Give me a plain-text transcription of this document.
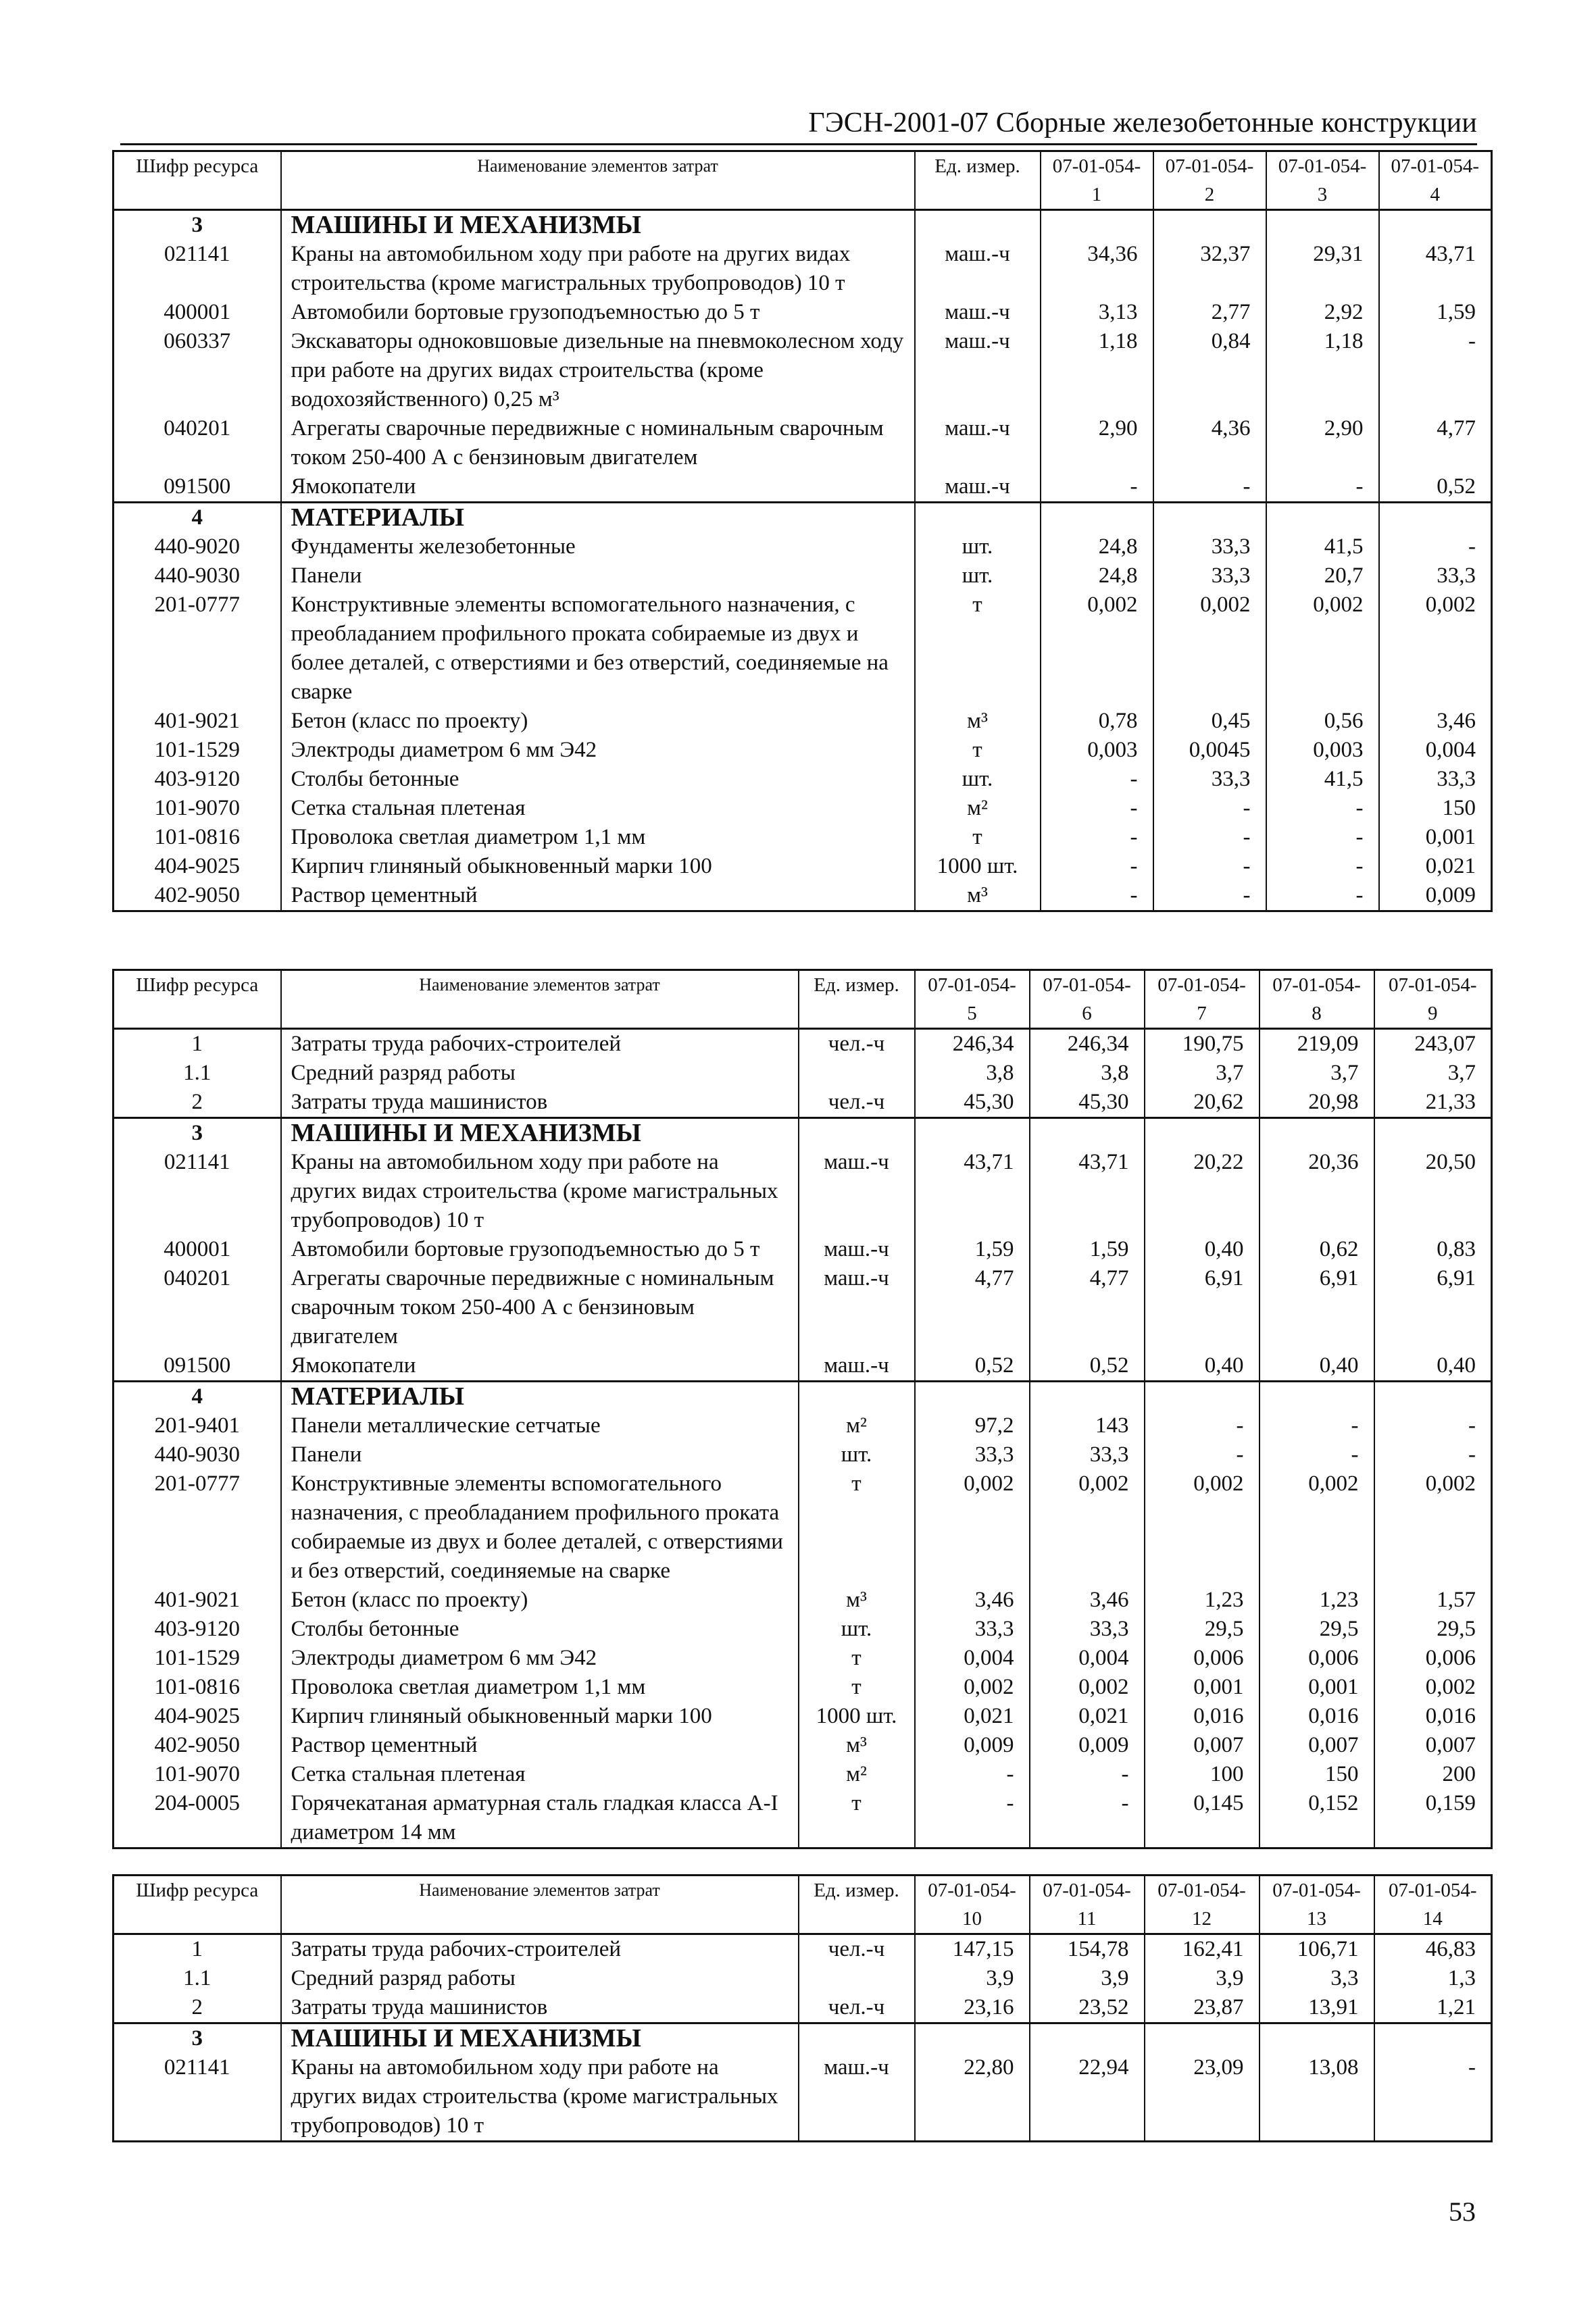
ГЭСН-2001-07 Сборные железобетонные конструкции
Шифр ресурса	Наименование элементов затрат	Ед. измер.	07-01-054-1	07-01-054-2	07-01-054-3	07-01-054-4
3	МАШИНЫ И МЕХАНИЗМЫ					
021141	Краны на автомобильном ходу при работе на других видах строительства (кроме магистральных трубопроводов) 10 т	маш.-ч	34,36	32,37	29,31	43,71
400001	Автомобили бортовые грузоподъемностью до 5 т	маш.-ч	3,13	2,77	2,92	1,59
060337	Экскаваторы одноковшовые дизельные на пневмоколесном ходу при работе на других видах строительства (кроме водохозяйственного) 0,25 м³	маш.-ч	1,18	0,84	1,18	-
040201	Агрегаты сварочные передвижные с номинальным сварочным током 250-400 А с бензиновым двигателем	маш.-ч	2,90	4,36	2,90	4,77
091500	Ямокопатели	маш.-ч	-	-	-	0,52
4	МАТЕРИАЛЫ					
440-9020	Фундаменты железобетонные	шт.	24,8	33,3	41,5	-
440-9030	Панели	шт.	24,8	33,3	20,7	33,3
201-0777	Конструктивные элементы вспомогательного назначения, с преобладанием профильного проката собираемые из двух и более деталей, с отверстиями и без отверстий, соединяемые на сварке	т	0,002	0,002	0,002	0,002
401-9021	Бетон (класс по проекту)	м³	0,78	0,45	0,56	3,46
101-1529	Электроды диаметром 6 мм Э42	т	0,003	0,0045	0,003	0,004
403-9120	Столбы бетонные	шт.	-	33,3	41,5	33,3
101-9070	Сетка стальная плетеная	м²	-	-	-	150
101-0816	Проволока светлая диаметром 1,1 мм	т	-	-	-	0,001
404-9025	Кирпич глиняный обыкновенный марки 100	1000 шт.	-	-	-	0,021
402-9050	Раствор цементный	м³	-	-	-	0,009
Шифр ресурса	Наименование элементов затрат	Ед. измер.	07-01-054-5	07-01-054-6	07-01-054-7	07-01-054-8	07-01-054-9
1	Затраты труда рабочих-строителей	чел.-ч	246,34	246,34	190,75	219,09	243,07
1.1	Средний разряд работы		3,8	3,8	3,7	3,7	3,7
2	Затраты труда машинистов	чел.-ч	45,30	45,30	20,62	20,98	21,33
3	МАШИНЫ И МЕХАНИЗМЫ						
021141	Краны на автомобильном ходу при работе на других видах строительства (кроме магистральных трубопроводов) 10 т	маш.-ч	43,71	43,71	20,22	20,36	20,50
400001	Автомобили бортовые грузоподъемностью до 5 т	маш.-ч	1,59	1,59	0,40	0,62	0,83
040201	Агрегаты сварочные передвижные с номинальным сварочным током 250-400 А с бензиновым двигателем	маш.-ч	4,77	4,77	6,91	6,91	6,91
091500	Ямокопатели	маш.-ч	0,52	0,52	0,40	0,40	0,40
4	МАТЕРИАЛЫ						
201-9401	Панели металлические сетчатые	м²	97,2	143	-	-	-
440-9030	Панели	шт.	33,3	33,3	-	-	-
201-0777	Конструктивные элементы вспомогательного назначения, с преобладанием профильного проката собираемые из двух и более деталей, с отверстиями и без отверстий, соединяемые на сварке	т	0,002	0,002	0,002	0,002	0,002
401-9021	Бетон (класс по проекту)	м³	3,46	3,46	1,23	1,23	1,57
403-9120	Столбы бетонные	шт.	33,3	33,3	29,5	29,5	29,5
101-1529	Электроды диаметром 6 мм Э42	т	0,004	0,004	0,006	0,006	0,006
101-0816	Проволока светлая диаметром 1,1 мм	т	0,002	0,002	0,001	0,001	0,002
404-9025	Кирпич глиняный обыкновенный марки 100	1000 шт.	0,021	0,021	0,016	0,016	0,016
402-9050	Раствор цементный	м³	0,009	0,009	0,007	0,007	0,007
101-9070	Сетка стальная плетеная	м²	-	-	100	150	200
204-0005	Горячекатаная арматурная сталь гладкая класса А-I диаметром 14 мм	т	-	-	0,145	0,152	0,159
Шифр ресурса	Наименование элементов затрат	Ед. измер.	07-01-054-10	07-01-054-11	07-01-054-12	07-01-054-13	07-01-054-14
1	Затраты труда рабочих-строителей	чел.-ч	147,15	154,78	162,41	106,71	46,83
1.1	Средний разряд работы		3,9	3,9	3,9	3,3	1,3
2	Затраты труда машинистов	чел.-ч	23,16	23,52	23,87	13,91	1,21
3	МАШИНЫ И МЕХАНИЗМЫ						
021141	Краны на автомобильном ходу при работе на других видах строительства (кроме магистральных трубопроводов) 10 т	маш.-ч	22,80	22,94	23,09	13,08	-
53
